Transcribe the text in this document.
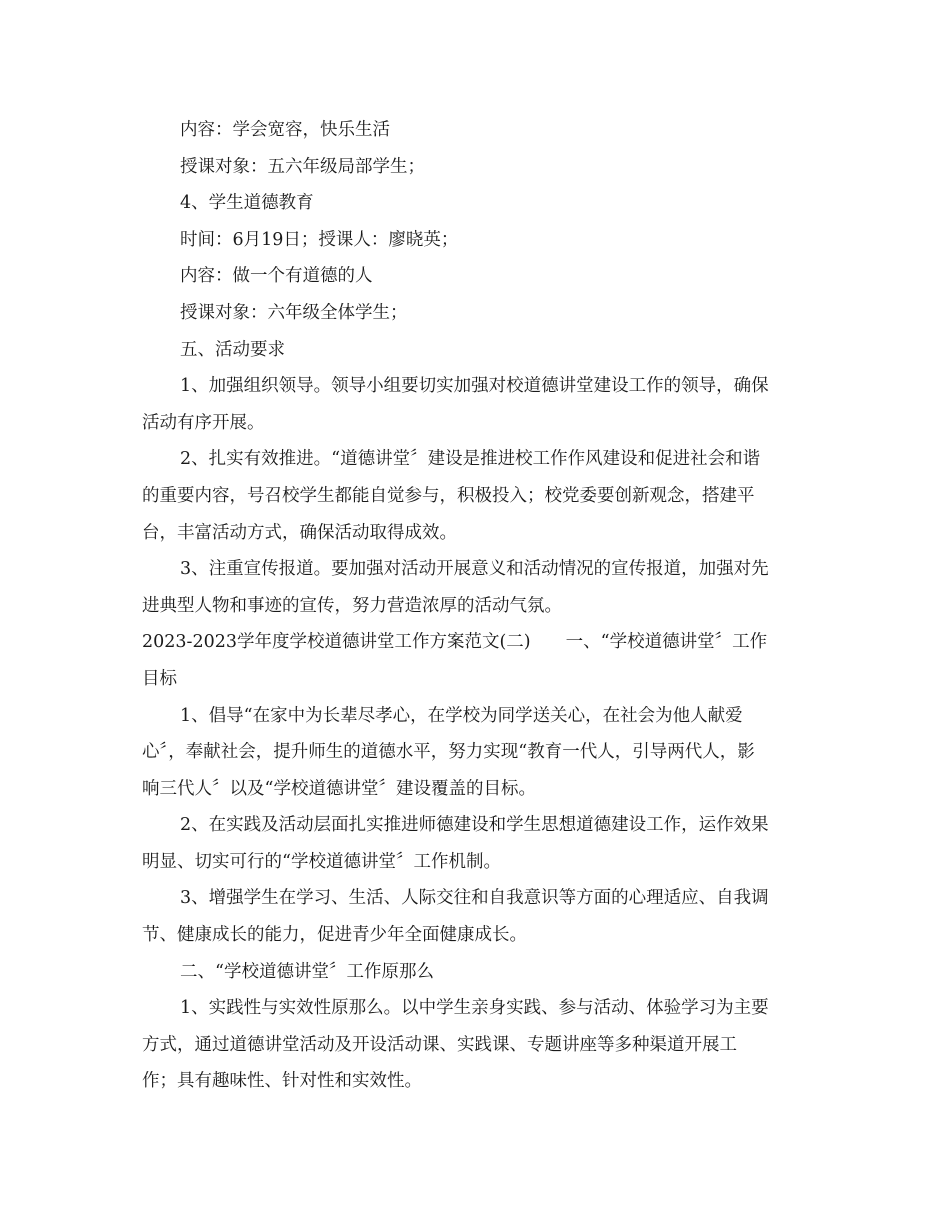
内容：学会宽容，快乐生活
授课对象：五六年级局部学生；
4、学生道德教育
时间：6月19日；授课人：廖晓英；
内容：做一个有道德的人
授课对象：六年级全体学生；
五、活动要求
1、加强组织领导。领导小组要切实加强对校道德讲堂建设工作的领导，确保
活动有序开展。
2、扎实有效推进。“道德讲堂〞建设是推进校工作作风建设和促进社会和谐
的重要内容，号召校学生都能自觉参与，积极投入；校党委要创新观念，搭建平
台，丰富活动方式，确保活动取得成效。
3、注重宣传报道。要加强对活动开展意义和活动情况的宣传报道，加强对先
进典型人物和事迹的宣传，努力营造浓厚的活动气氛。
2023-2023学年度学校道德讲堂工作方案范文(二)　　一、“学校道德讲堂〞工作
目标
1、倡导“在家中为长辈尽孝心，在学校为同学送关心，在社会为他人献爱
心〞，奉献社会，提升师生的道德水平，努力实现“教育一代人，引导两代人，影
响三代人〞以及“学校道德讲堂〞建设覆盖的目标。
2、在实践及活动层面扎实推进师德建设和学生思想道德建设工作，运作效果
明显、切实可行的“学校道德讲堂〞工作机制。
3、增强学生在学习、生活、人际交往和自我意识等方面的心理适应、自我调
节、健康成长的能力，促进青少年全面健康成长。
二、“学校道德讲堂〞工作原那么
1、实践性与实效性原那么。以中学生亲身实践、参与活动、体验学习为主要
方式，通过道德讲堂活动及开设活动课、实践课、专题讲座等多种渠道开展工
作；具有趣味性、针对性和实效性。
